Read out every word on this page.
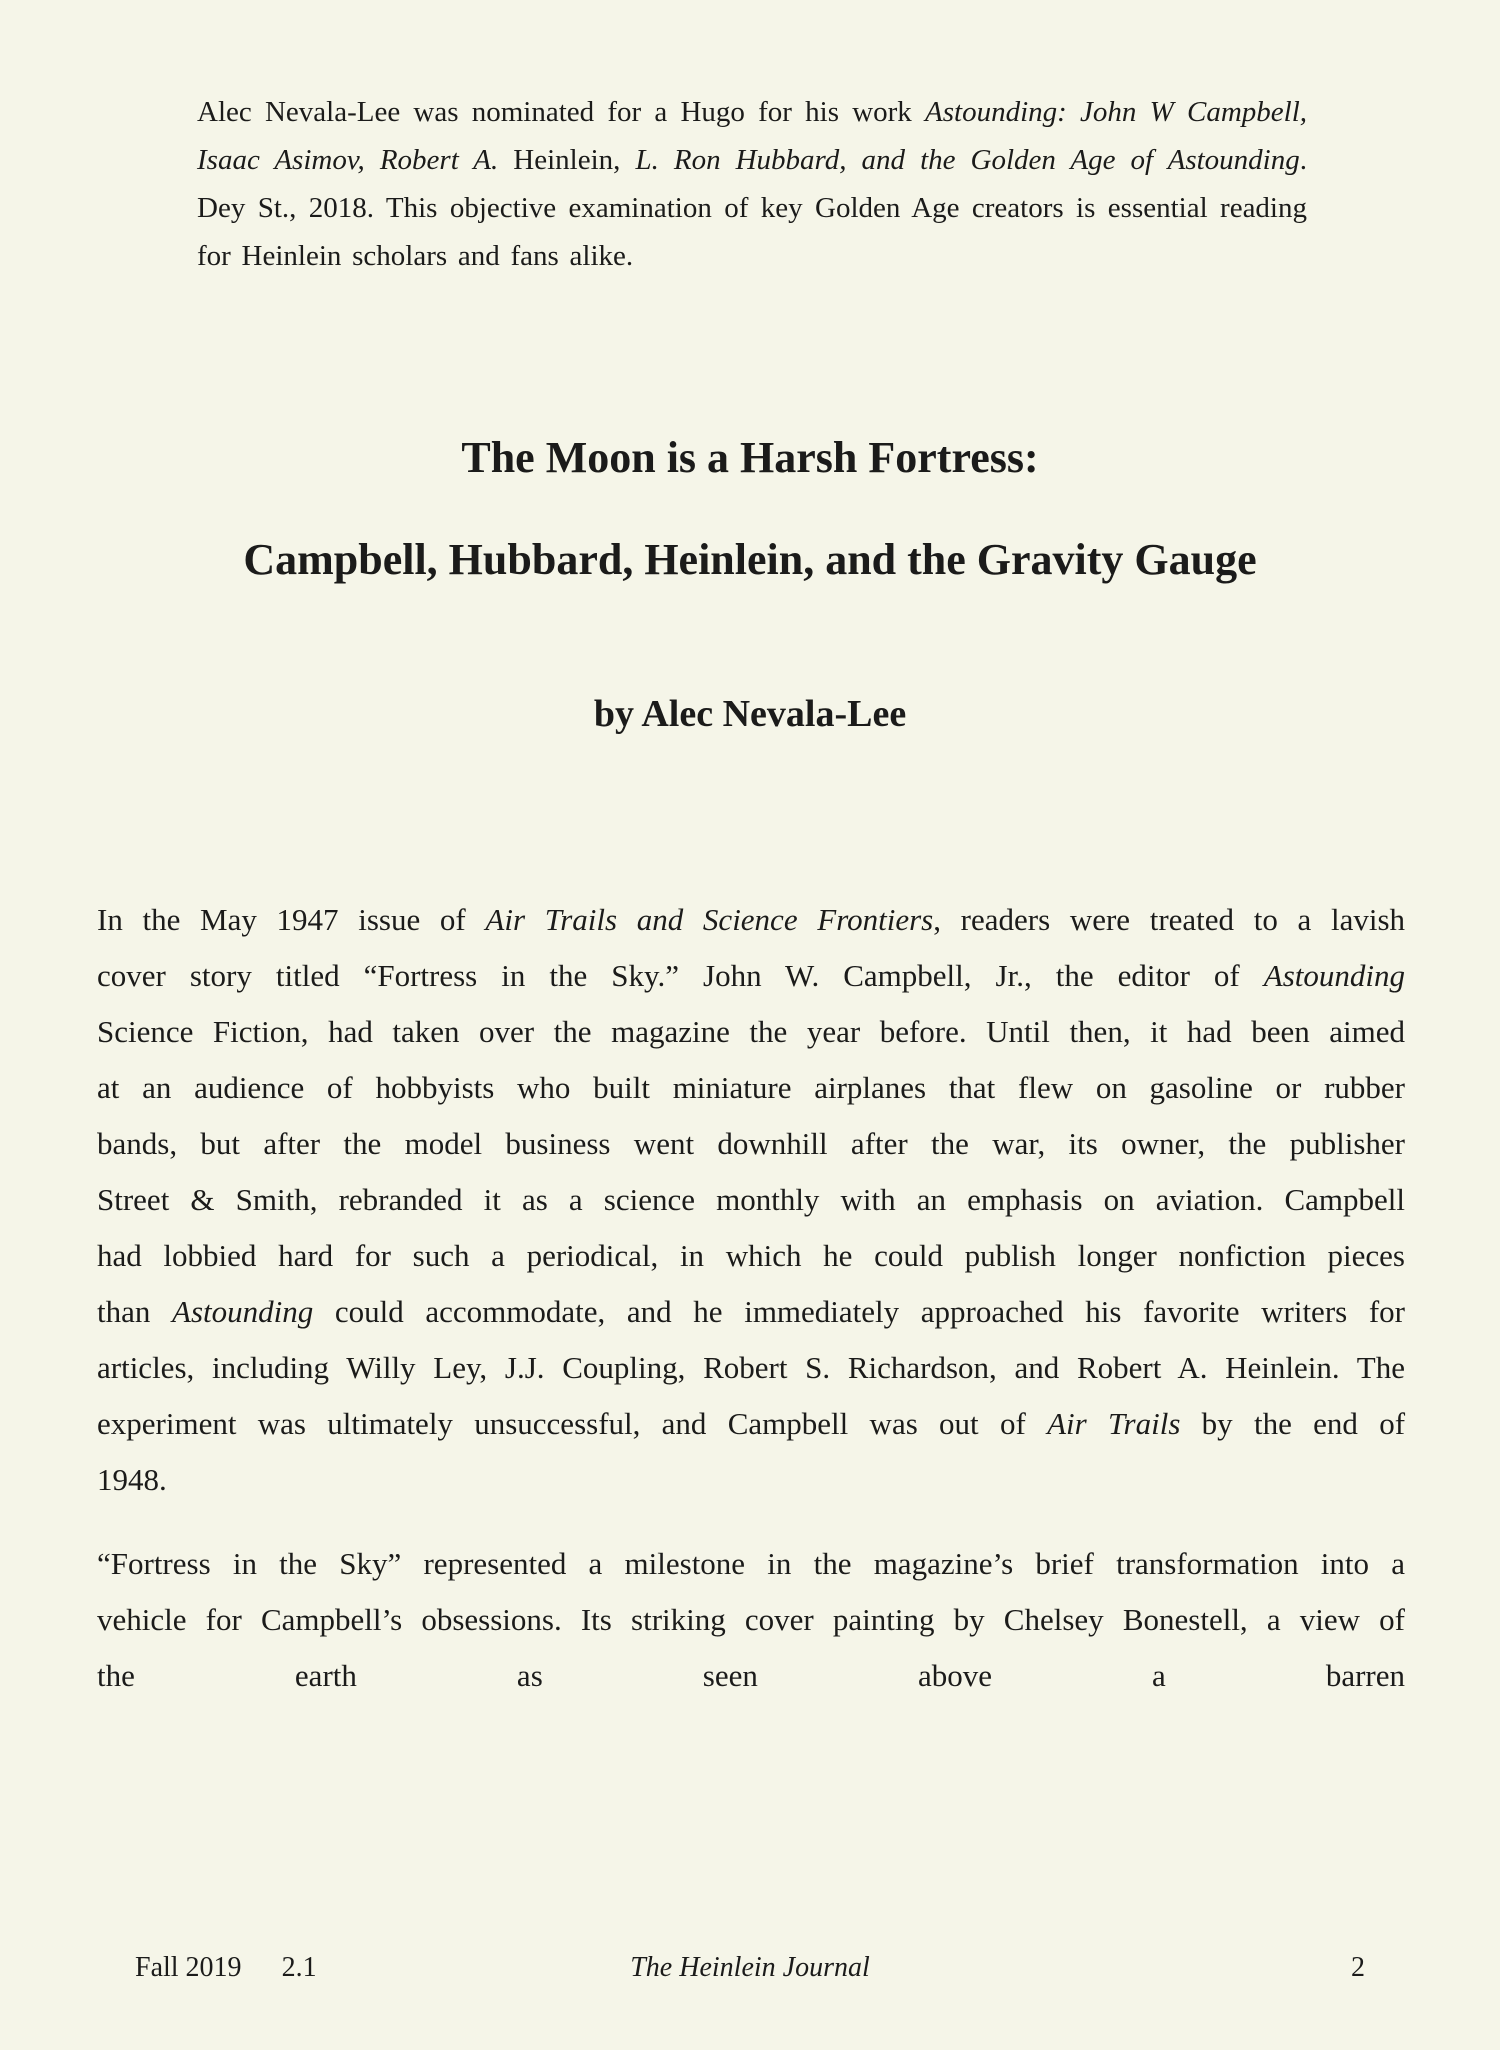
Alec Nevala-Lee was nominated for a Hugo for his work Astounding: John W Campbell, Isaac Asimov, Robert A. Heinlein, L. Ron Hubbard, and the Golden Age of Astounding. Dey St., 2018. This objective examination of key Golden Age creators is essential reading for Heinlein scholars and fans alike.
The Moon is a Harsh Fortress:
Campbell, Hubbard, Heinlein, and the Gravity Gauge
by Alec Nevala-Lee

In the May 1947 issue of Air Trails and Science Frontiers, readers were treated to a lavish cover story titled “Fortress in the Sky.” John W. Campbell, Jr., the editor of Astounding Science Fiction, had taken over the magazine the year before. Until then, it had been aimed at an audience of hobbyists who built miniature airplanes that flew on gasoline or rubber bands, but after the model business went downhill after the war, its owner, the publisher Street & Smith, rebranded it as a science monthly with an emphasis on aviation. Campbell had lobbied hard for such a periodical, in which he could publish longer nonfiction pieces than Astounding could accommodate, and he immediately approached his favorite writers for articles, including Willy Ley, J.J. Coupling, Robert S. Richardson, and Robert A. Heinlein. The experiment was ultimately unsuccessful, and Campbell was out of Air Trails by the end of 1948.

“Fortress in the Sky” represented a milestone in the magazine’s brief transformation into a vehicle for Campbell’s obsessions. Its striking cover painting by Chelsey Bonestell, a view of the earth as seen above a barren

Fall 2019 2.1	The Heinlein Journal	2
